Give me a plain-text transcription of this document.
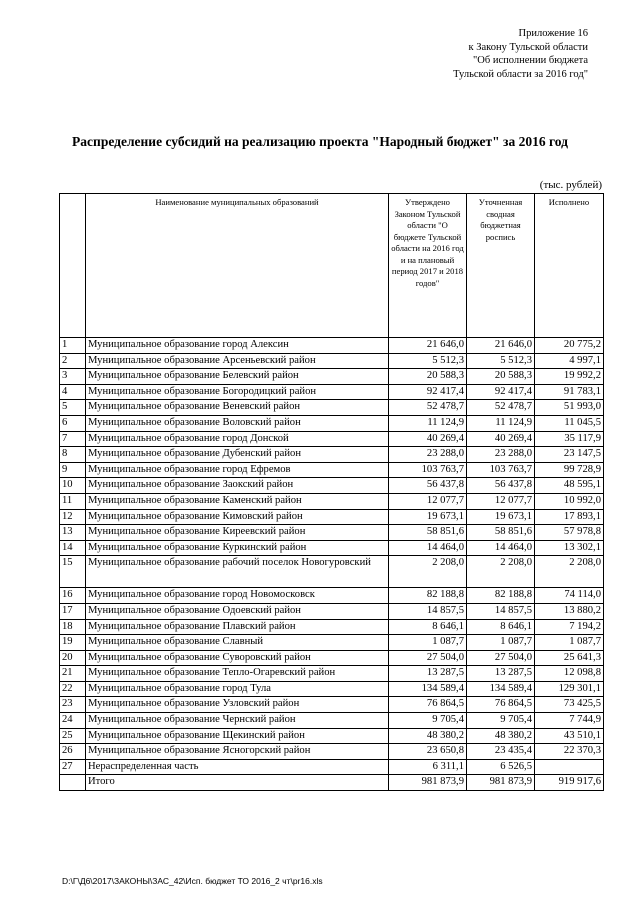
Приложение 16
к Закону Тульской области
"Об исполнении бюджета
Тульской области за 2016 год"
Распределение субсидий на реализацию проекта "Народный бюджет" за 2016 год
(тыс. рублей)
	Наименование муниципальных образований	Утверждено Законом Тульской области "О бюджете Тульской области на 2016 год и на плановый период 2017 и 2018 годов"	Уточненная сводная бюджетная роспись	Исполнено
1	Муниципальное образование город Алексин	21 646,0	21 646,0	20 775,2
2	Муниципальное образование Арсеньевский район	5 512,3	5 512,3	4 997,1
3	Муниципальное образование Белевский район	20 588,3	20 588,3	19 992,2
4	Муниципальное образование Богородицкий район	92 417,4	92 417,4	91 783,1
5	Муниципальное образование Веневский район	52 478,7	52 478,7	51 993,0
6	Муниципальное образование Воловский район	11 124,9	11 124,9	11 045,5
7	Муниципальное образование город Донской	40 269,4	40 269,4	35 117,9
8	Муниципальное образование Дубенский район	23 288,0	23 288,0	23 147,5
9	Муниципальное образование город Ефремов	103 763,7	103 763,7	99 728,9
10	Муниципальное образование Заокский район	56 437,8	56 437,8	48 595,1
11	Муниципальное образование Каменский район	12 077,7	12 077,7	10 992,0
12	Муниципальное образование Кимовский район	19 673,1	19 673,1	17 893,1
13	Муниципальное образование Киреевский район	58 851,6	58 851,6	57 978,8
14	Муниципальное образование Куркинский район	14 464,0	14 464,0	13 302,1
15	Муниципальное образование рабочий поселок Новогуровский	2 208,0	2 208,0	2 208,0
16	Муниципальное образование город Новомосковск	82 188,8	82 188,8	74 114,0
17	Муниципальное образование Одоевский район	14 857,5	14 857,5	13 880,2
18	Муниципальное образование Плавский район	8 646,1	8 646,1	7 194,2
19	Муниципальное образование Славный	1 087,7	1 087,7	1 087,7
20	Муниципальное образование Суворовский район	27 504,0	27 504,0	25 641,3
21	Муниципальное образование Тепло-Огаревский район	13 287,5	13 287,5	12 098,8
22	Муниципальное образование город Тула	134 589,4	134 589,4	129 301,1
23	Муниципальное образование Узловский район	76 864,5	76 864,5	73 425,5
24	Муниципальное образование Чернский район	9 705,4	9 705,4	7 744,9
25	Муниципальное образование Щекинский район	48 380,2	48 380,2	43 510,1
26	Муниципальное образование Ясногорский район	23 650,8	23 435,4	22 370,3
27	Нераспределенная часть	6 311,1	6 526,5	
	Итого	981 873,9	981 873,9	919 917,6
D:\Г\Д6\2017\ЗАКОНЫ\ЗАС_42\Исп. бюджет ТО 2016_2 чт\pr16.xls
